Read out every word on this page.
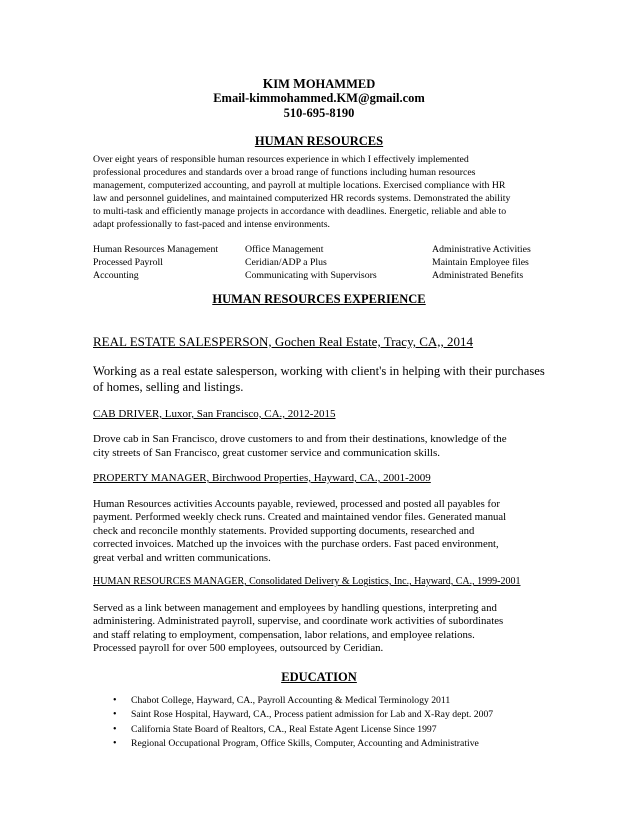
KIM MOHAMMED
Email-kimmohammed.KM@gmail.com
510-695-8190
HUMAN RESOURCES
Over eight years of responsible human resources experience in which I effectively implemented
professional procedures and standards over a broad range of functions including human resources
management, computerized accounting, and payroll at multiple locations. Exercised compliance with HR
law and personnel guidelines, and maintained computerized HR records systems. Demonstrated the ability
to multi-task and efficiently manage projects in accordance with deadlines. Energetic, reliable and able to
adapt professionally to fast-paced and intense environments.
Human Resources Management
Processed Payroll
Accounting
Office Management
Ceridian/ADP a Plus
Communicating with Supervisors
Administrative Activities
Maintain Employee files
Administrated Benefits
HUMAN RESOURCES EXPERIENCE
REAL ESTATE SALESPERSON, Gochen Real Estate, Tracy, CA,, 2014
Working as a real estate salesperson, working with client's in helping with their purchases
of homes, selling and listings.
CAB DRIVER, Luxor, San Francisco, CA., 2012-2015
Drove cab in San Francisco, drove customers to and from their destinations, knowledge of the
city streets of San Francisco, great customer service and communication skills.
PROPERTY MANAGER, Birchwood Properties, Hayward, CA., 2001-2009
Human Resources activities Accounts payable, reviewed, processed and posted all payables for
payment. Performed weekly check runs. Created and maintained vendor files. Generated manual
check and reconcile monthly statements. Provided supporting documents, researched and
corrected invoices. Matched up the invoices with the purchase orders. Fast paced environment,
great verbal and written communications.
HUMAN RESOURCES MANAGER, Consolidated Delivery & Logistics, Inc., Hayward, CA., 1999-2001
Served as a link between management and employees by handling questions, interpreting and
administering. Administrated payroll, supervise, and coordinate work activities of subordinates
and staff relating to employment, compensation, labor relations, and employee relations.
Processed payroll for over 500 employees, outsourced by Ceridian.
EDUCATION
• Chabot College, Hayward, CA., Payroll Accounting & Medical Terminology 2011
• Saint Rose Hospital, Hayward, CA., Process patient admission for Lab and X-Ray dept. 2007
• California State Board of Realtors, CA., Real Estate Agent License Since 1997
• Regional Occupational Program, Office Skills, Computer, Accounting and Administrative
